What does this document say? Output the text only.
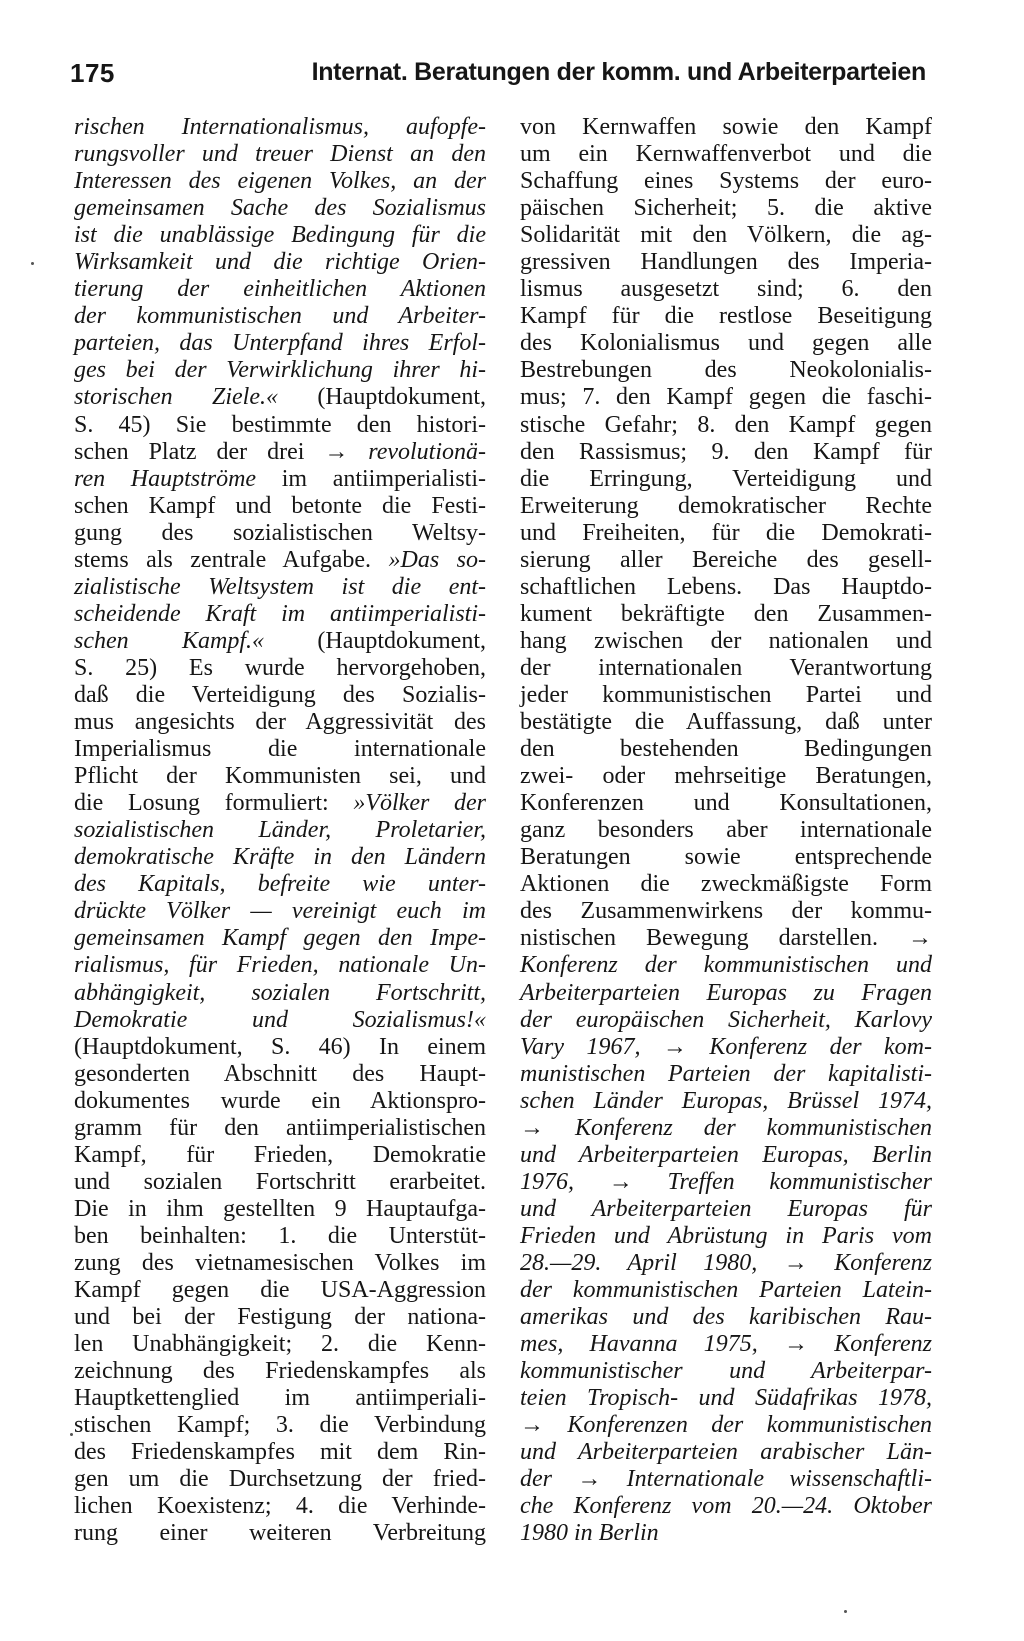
175	Internat. Beratungen der komm. und Arbeiterparteien
rischen Internationalismus, aufopfe-
rungsvoller und treuer Dienst an den
Interessen des eigenen Volkes, an der
gemeinsamen Sache des Sozialismus
ist die unablässige Bedingung für die
Wirksamkeit und die richtige Orien-
tierung der einheitlichen Aktionen
der kommunistischen und Arbeiter-
parteien, das Unterpfand ihres Erfol-
ges bei der Verwirklichung ihrer hi-
storischen Ziele.« (Hauptdokument,
S. 45) Sie bestimmte den histori-
schen Platz der drei → revolutionä-
ren Hauptströme im antiimperialisti-
schen Kampf und betonte die Festi-
gung des sozialistischen Weltsy-
stems als zentrale Aufgabe. »Das so-
zialistische Weltsystem ist die ent-
scheidende Kraft im antiimperialisti-
schen Kampf.« (Hauptdokument,
S. 25) Es wurde hervorgehoben,
daß die Verteidigung des Sozialis-
mus angesichts der Aggressivität des
Imperialismus die internationale
Pflicht der Kommunisten sei, und
die Losung formuliert: »Völker der
sozialistischen Länder, Proletarier,
demokratische Kräfte in den Ländern
des Kapitals, befreite wie unter-
drückte Völker — vereinigt euch im
gemeinsamen Kampf gegen den Impe-
rialismus, für Frieden, nationale Un-
abhängigkeit, sozialen Fortschritt,
Demokratie und Sozialismus!«
(Hauptdokument, S. 46) In einem
gesonderten Abschnitt des Haupt-
dokumentes wurde ein Aktionspro-
gramm für den antiimperialistischen
Kampf, für Frieden, Demokratie
und sozialen Fortschritt erarbeitet.
Die in ihm gestellten 9 Hauptaufga-
ben beinhalten: 1. die Unterstüt-
zung des vietnamesischen Volkes im
Kampf gegen die USA-Aggression
und bei der Festigung der nationa-
len Unabhängigkeit; 2. die Kenn-
zeichnung des Friedenskampfes als
Hauptkettenglied im antiimperiali-
stischen Kampf; 3. die Verbindung
des Friedenskampfes mit dem Rin-
gen um die Durchsetzung der fried-
lichen Koexistenz; 4. die Verhinde-
rung einer weiteren Verbreitung
von Kernwaffen sowie den Kampf
um ein Kernwaffenverbot und die
Schaffung eines Systems der euro-
päischen Sicherheit; 5. die aktive
Solidarität mit den Völkern, die ag-
gressiven Handlungen des Imperia-
lismus ausgesetzt sind; 6. den
Kampf für die restlose Beseitigung
des Kolonialismus und gegen alle
Bestrebungen des Neokolonialis-
mus; 7. den Kampf gegen die faschi-
stische Gefahr; 8. den Kampf gegen
den Rassismus; 9. den Kampf für
die Erringung, Verteidigung und
Erweiterung demokratischer Rechte
und Freiheiten, für die Demokrati-
sierung aller Bereiche des gesell-
schaftlichen Lebens. Das Hauptdo-
kument bekräftigte den Zusammen-
hang zwischen der nationalen und
der internationalen Verantwortung
jeder kommunistischen Partei und
bestätigte die Auffassung, daß unter
den bestehenden Bedingungen
zwei- oder mehrseitige Beratungen,
Konferenzen und Konsultationen,
ganz besonders aber internationale
Beratungen sowie entsprechende
Aktionen die zweckmäßigste Form
des Zusammenwirkens der kommu-
nistischen Bewegung darstellen. →
Konferenz der kommunistischen und
Arbeiterparteien Europas zu Fragen
der europäischen Sicherheit, Karlovy
Vary 1967, → Konferenz der kom-
munistischen Parteien der kapitalisti-
schen Länder Europas, Brüssel 1974,
→ Konferenz der kommunistischen
und Arbeiterparteien Europas, Berlin
1976, → Treffen kommunistischer
und Arbeiterparteien Europas für
Frieden und Abrüstung in Paris vom
28.—29. April 1980, → Konferenz
der kommunistischen Parteien Latein-
amerikas und des karibischen Rau-
mes, Havanna 1975, → Konferenz
kommunistischer und Arbeiterpar-
teien Tropisch- und Südafrikas 1978,
→ Konferenzen der kommunistischen
und Arbeiterparteien arabischer Län-
der → Internationale wissenschaftli-
che Konferenz vom 20.—24. Oktober
1980 in Berlin
